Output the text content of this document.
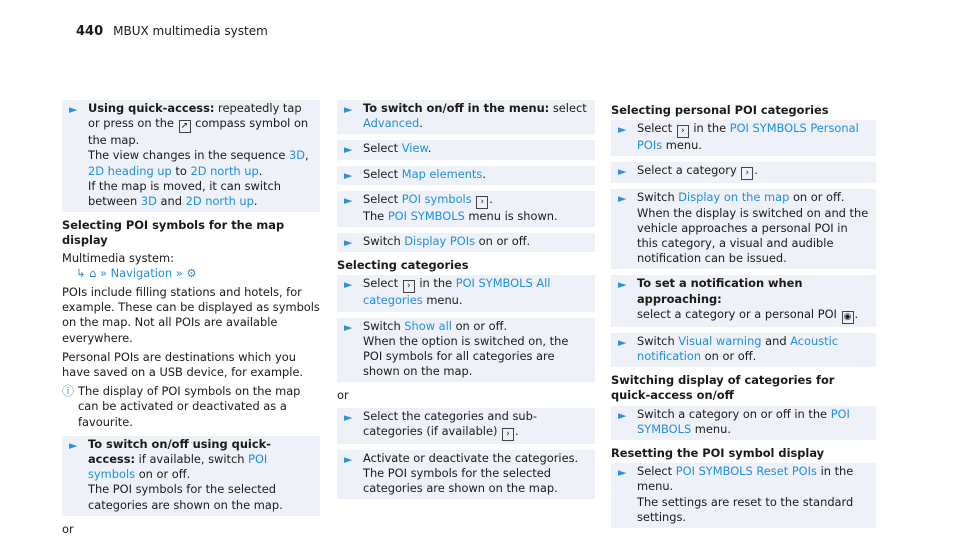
440 MBUX multimedia system
► Using quick-access: repeatedly tap or press on the ➚ compass symbol on the map.
The view changes in the sequence 3D, 2D heading up to 2D north up.
If the map is moved, it can switch between 3D and 2D north up.
Selecting POI symbols for the map display
Multimedia system:
↳ ⌂ » Navigation » ⚙
POIs include filling stations and hotels, for example. These can be displayed as symbols on the map. Not all POIs are available everywhere.
Personal POIs are destinations which you have saved on a USB device, for example.
ⓘ The display of POI symbols on the map can be activated or deactivated as a favourite.
► To switch on/off using quick-access: if available, switch POI symbols on or off.
The POI symbols for the selected categories are shown on the map.
or
► To switch on/off in the menu: select Advanced.
► Select View.
► Select Map elements.
► Select POI symbols › .
The POI SYMBOLS menu is shown.
► Switch Display POIs on or off.
Selecting categories
► Select › in the POI SYMBOLS All categories menu.
► Switch Show all on or off.
When the option is switched on, the POI symbols for all categories are shown on the map.
or
► Select the categories and sub-categories (if available) › .
► Activate or deactivate the categories.
The POI symbols for the selected categories are shown on the map.
Selecting personal POI categories
► Select › in the POI SYMBOLS Personal POIs menu.
► Select a category › .
► Switch Display on the map on or off.
When the display is switched on and the vehicle approaches a personal POI in this category, a visual and audible notification can be issued.
► To set a notification when approaching:
select a category or a personal POI ◉ .
► Switch Visual warning and Acoustic notification on or off.
Switching display of categories for quick-access on/off
► Switch a category on or off in the POI SYMBOLS menu.
Resetting the POI symbol display
► Select POI SYMBOLS Reset POIs in the menu.
The settings are reset to the standard settings.
